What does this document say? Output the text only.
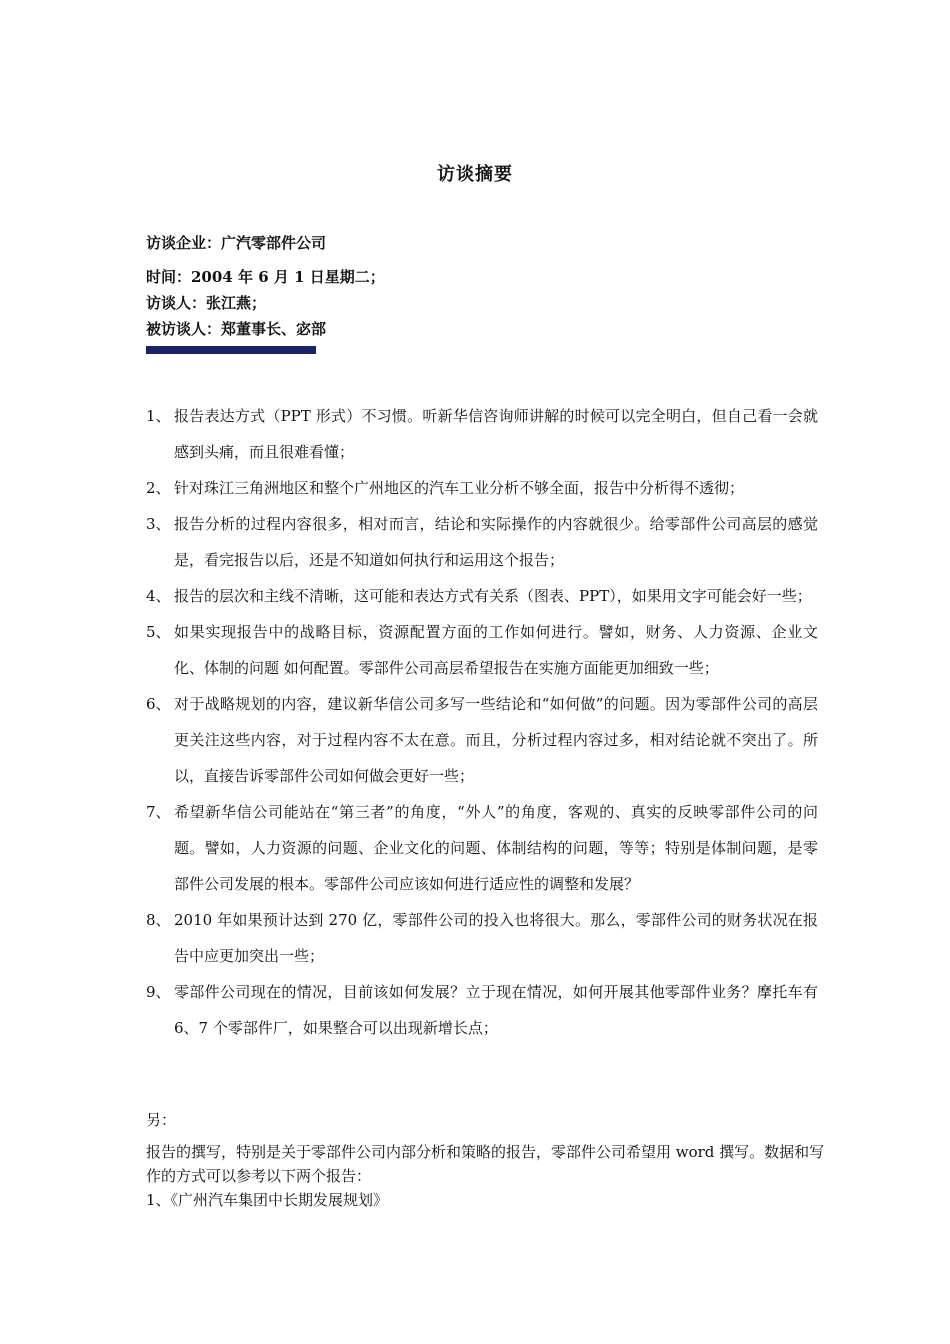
访谈摘要
访谈企业：广汽零部件公司
时间：2004 年 6 月 1 日星期二；
访谈人：张江燕；
被访谈人：郑董事长、宓部
1、 报告表达方式（PPT 形式）不习惯。听新华信咨询师讲解的时候可以完全明白，但自己看一会就感到头痛，而且很难看懂；
2、 针对珠江三角洲地区和整个广州地区的汽车工业分析不够全面，报告中分析得不透彻；
3、 报告分析的过程内容很多，相对而言，结论和实际操作的内容就很少。给零部件公司高层的感觉是，看完报告以后，还是不知道如何执行和运用这个报告；
4、 报告的层次和主线不清晰，这可能和表达方式有关系（图表、PPT），如果用文字可能会好一些；
5、 如果实现报告中的战略目标，资源配置方面的工作如何进行。譬如，财务、人力资源、企业文化、体制的问题 如何配置。零部件公司高层希望报告在实施方面能更加细致一些；
6、 对于战略规划的内容，建议新华信公司多写一些结论和“如何做”的问题。因为零部件公司的高层更关注这些内容，对于过程内容不太在意。而且，分析过程内容过多，相对结论就不突出了。所以，直接告诉零部件公司如何做会更好一些；
7、 希望新华信公司能站在“第三者”的角度，“外人”的角度，客观的、真实的反映零部件公司的问题。譬如，人力资源的问题、企业文化的问题、体制结构的问题，等等；特别是体制问题，是零部件公司发展的根本。零部件公司应该如何进行适应性的调整和发展？
8、 2010 年如果预计达到 270 亿，零部件公司的投入也将很大。那么，零部件公司的财务状况在报告中应更加突出一些；
9、 零部件公司现在的情况，目前该如何发展？立于现在情况，如何开展其他零部件业务？摩托车有 6、7 个零部件厂，如果整合可以出现新增长点；
另：
报告的撰写，特别是关于零部件公司内部分析和策略的报告，零部件公司希望用 word 撰写。数据和写作的方式可以参考以下两个报告：
1、《广州汽车集团中长期发展规划》
